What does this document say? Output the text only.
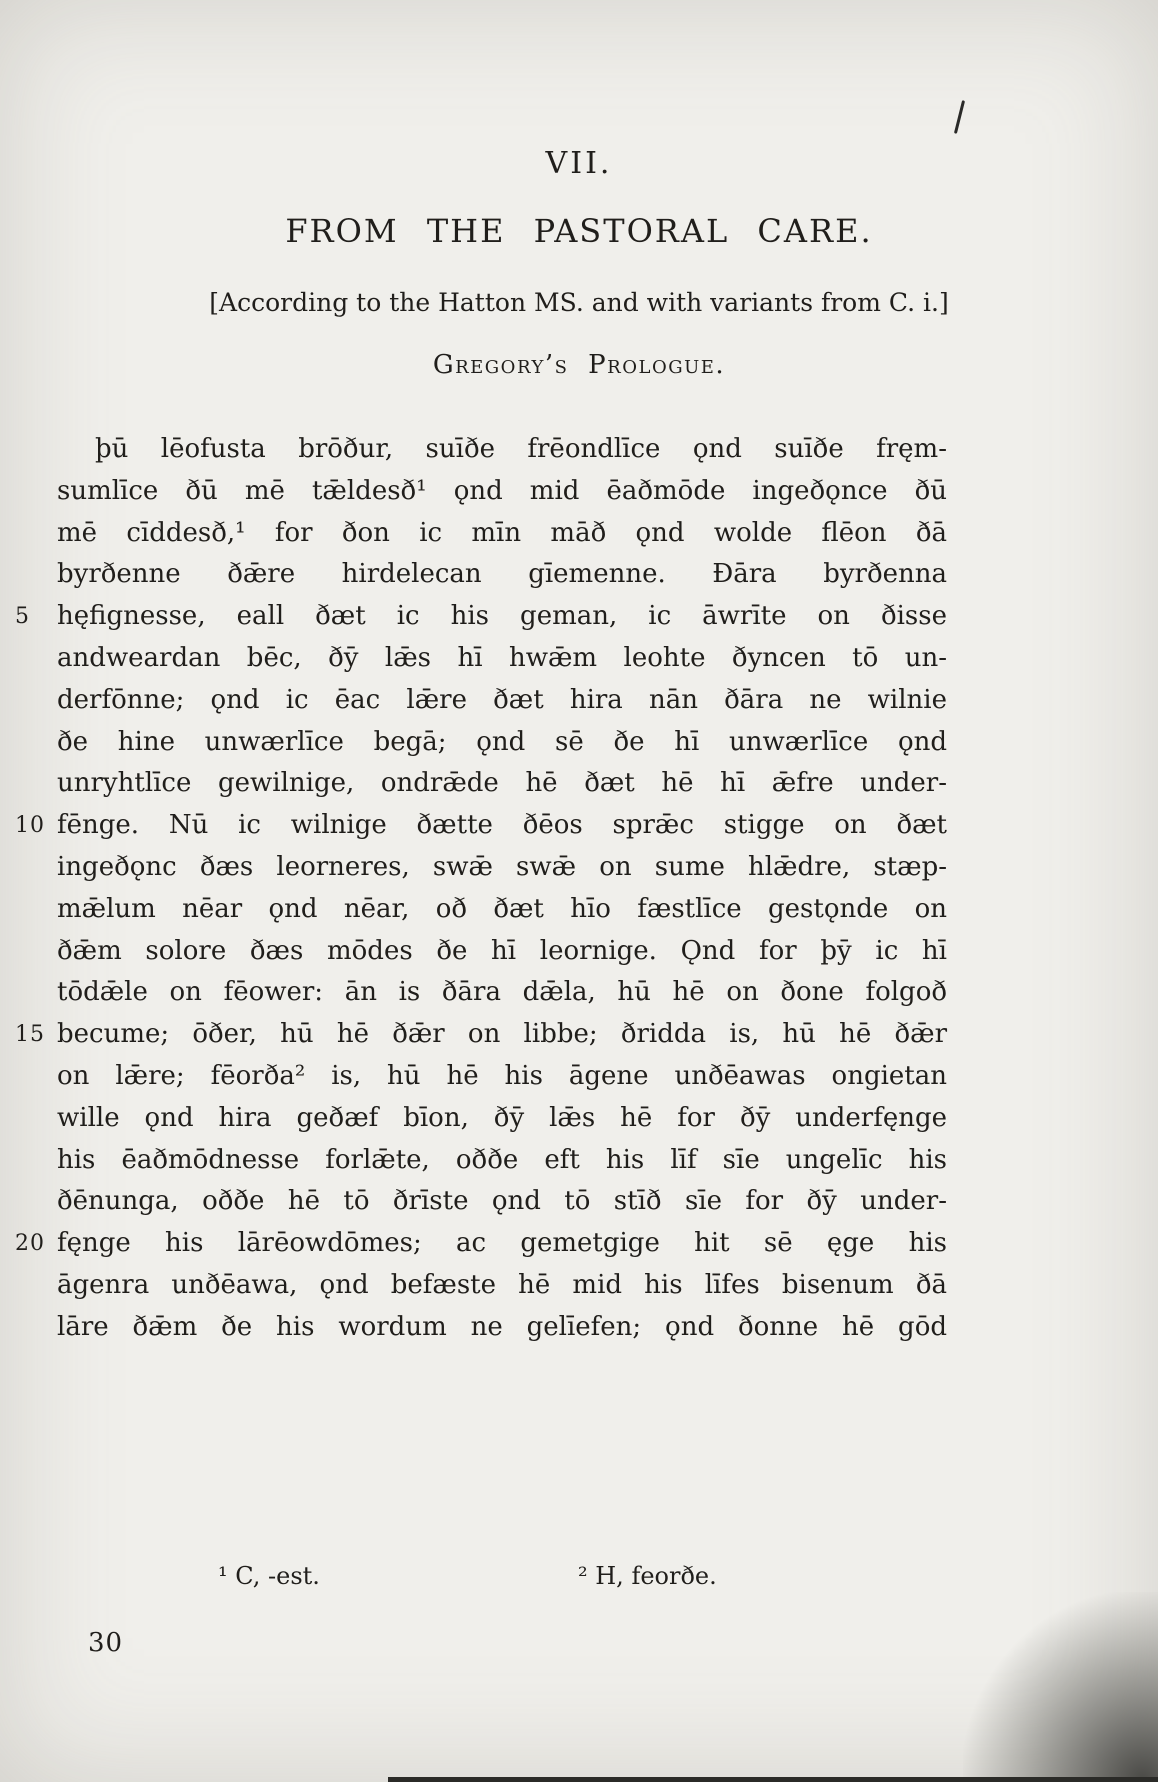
VII.
FROM THE PASTORAL CARE.
[According to the Hatton MS. and with variants from C. i.]
Gregory’s Prologue.
þū lēofusta brōður, suīðe frēondlīce ǫnd suīðe fręm-
sumlīce ðū mē tǣldesð¹ ǫnd mid ēaðmōde ingeðǫnce ðū
mē cīddesð,¹ for ðon ic mīn māð ǫnd wolde flēon ðā
byrðenne ðǣre hirdelecan gīemenne. Ðāra byrðenna
5	hęfignesse, eall ðæt ic his geman, ic āwrīte on ðisse
andweardan bēc, ðȳ lǣs hī hwǣm leohte ðyncen tō un-
derfōnne; ǫnd ic ēac lǣre ðæt hira nān ðāra ne wilnie
ðe hine unwærlīce begā; ǫnd sē ðe hī unwærlīce ǫnd
unryhtlīce gewilnige, ondrǣde hē ðæt hē hī ǣfre under-
10 fēnge. Nū ic wilnige ðætte ðēos sprǣc stigge on ðæt
ingeðǫnc ðæs leorneres, swǣ swǣ on sume hlǣdre, stæp-
mǣlum nēar ǫnd nēar, oð ðæt hīo fæstlīce gestǫnde on
ðǣm solore ðæs mōdes ðe hī leornige. Ǫnd for þȳ ic hī
tōdǣle on fēower: ān is ðāra dǣla, hū hē on ðone folgoð
15 becume; ōðer, hū hē ðǣr on libbe; ðridda is, hū hē ðǣr
on lǣre; fēorða² is, hū hē his āgene unðēawas ongietan
wille ǫnd hira geðæf bīon, ðȳ lǣs hē for ðȳ underfęnge
his ēaðmōdnesse forlǣte, oððe eft his līf sīe ungelīc his
ðēnunga, oððe hē tō ðrīste ǫnd tō stīð sīe for ðȳ under-
20 fęnge his lārēowdōmes; ac gemetgige hit sē ęge his
āgenra unðēawa, ǫnd befæste hē mid his līfes bisenum ðā
lāre ðǣm ðe his wordum ne gelīefen; ǫnd ðonne hē gōd
¹ C, -est.	² H, feorðe.
30
